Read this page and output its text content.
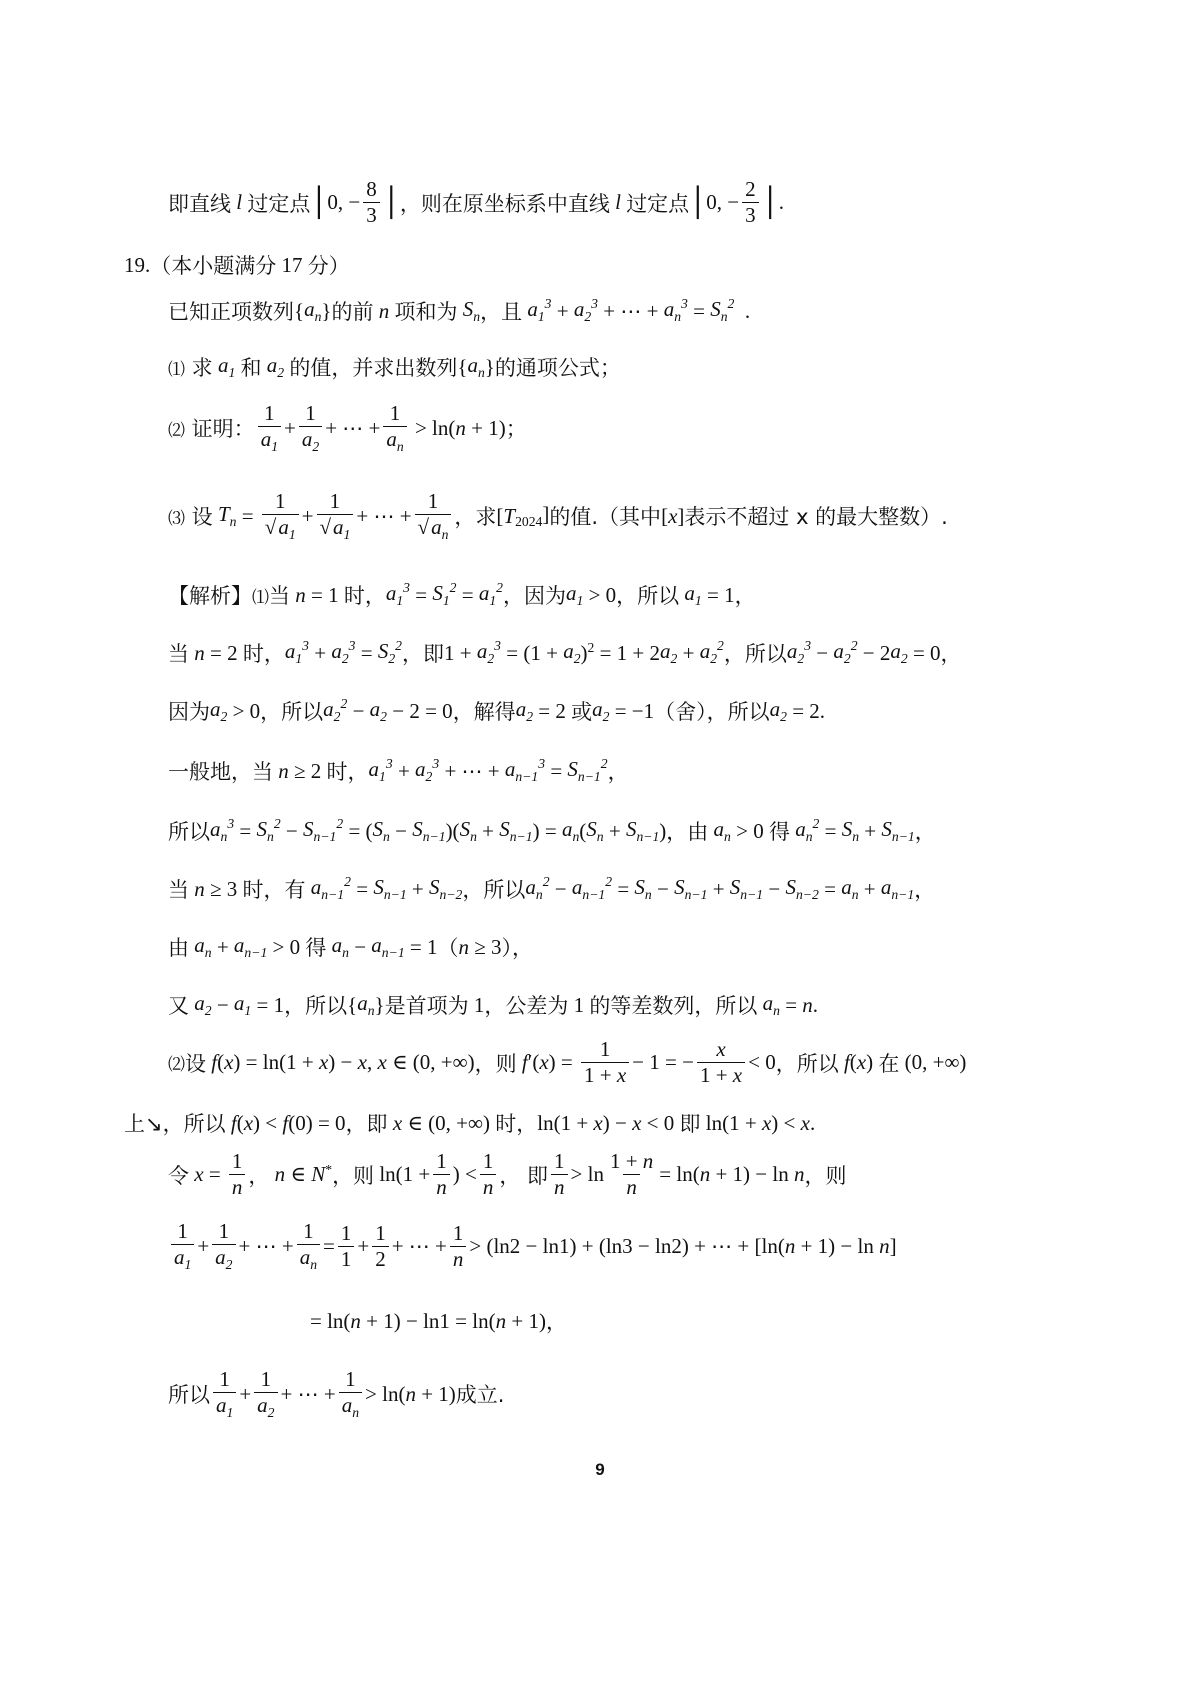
即直线 l 过定点 │ 0, − $\frac{8}{3}$ │ ，则在原坐标系中直线 l 过定点 │ 0, − $\frac{2}{3}$ │ .
19. （本小题满分 17 分）
已知正项数列 { $a_n$ } 的前 n 项和为 $S_n$ ，且 $a_1^3 + a_2^3$ + ⋯ + $a_n^3 = S_n^2$ .
⑴ 求 $a_1$ 和 $a_2$ 的值，并求出数列 { $a_n$ } 的通项公式；
⑵ 证明： $\frac{1}{a_1} + \frac{1}{a_2}$ + ⋯ + $\frac{1}{a_n} > \ln$( n + 1) ；
⑶ 设 $T_n = \frac{1}{√a_1} + \frac{1}{√a_1}$ + ⋯ + $\frac{1}{√a_n}$ ，求 [ T $_{2024}$] 的值.（其中 [ x ] 表示不超过 x 的最大整数）.
【解析】 ⑴ 当 n = 1 时， $a_1^3 = S_1^2 = a_1^2$ ，因为 $a_1 > 0$ ，所以 $a_1 = 1$ ，
当 n = 2 时， $a_1^3 + a_2^3 = S_2^2$ ，即 $1 + a_2^3 = (1 + a_2$ )$^2$ = 1 + 2 $a_2 + a_2^2$ ，所以 $a_2^3 - a_2^2 - 2$ $a_2 = 0$ ，
因为 $a_2 > 0$ ，所以 $a_2^2 - a_2 - 2 = 0$ ，解得 $a_2 = 2$ 或 $a_2 = -1$ （舍），所以 $a_2 = 2$.
一般地，当 n ≥ 2 时， $a_1^3 + a_2^3$ + ⋯ + $a_{n-1}^3 = S_{n-1}^2$ ，
所以 $a_n^3 = S_n^2 - S_{n-1}^2$ = ( $S_n - S_{n-1}$ )( $S_n + S_{n-1}$ ) = $a_n$ ( $S_n + S_{n-1}$ ) ，由 $a_n > 0$ 得 $a_n^2 = S_n + S_{n-1}$ ，
当 n ≥ 3 时，有 $a_{n-1}^2 = S_{n-1} + S_{n-2}$ ，所以 $a_n^2 - a_{n-1}^2 = S_n - S_{n-1} + S_{n-1} - S_{n-2} = a_n + a_{n-1}$ ，
由 $a_n + a_{n-1} > 0$ 得 $a_n - a_{n-1} = 1$ （ n ≥ 3 ），
又 $a_2 - a_1 = 1$ ，所以 { $a_n$ } 是首项为 1 ，公差为 1 的等差数列，所以 $a_n = n$ .
⑵ 设 f ( x ) = ln(1 + x ) − x , x ∈ (0, +∞) ，则 f ′( x ) = $\frac{1}{1 + x} - 1$ = − $\frac{x}{1 + x} < 0$ ，所以 f ( x ) 在 (0, +∞)
上↘，所以 f ( x ) < f (0) = 0 ，即 x ∈ (0, +∞) 时， ln(1 + x ) − x < 0 即 ln(1 + x ) < x .
令 $x = \frac{1}{n}$ ， n ∈ N * ，则 $\ln(1 + \frac{1}{n}$ ) < $\frac{1}{n}$ ， 即 $\frac{1}{n} > \ln \frac{1 + n}{n} = \ln$( n + 1) − ln n ，则
$\frac{1}{a_1} + \frac{1}{a_2}$ + ⋯ + $\frac{1}{a_n} = \frac{1}{1} + \frac{1}{2}$ + ⋯ + $\frac{1}{n} > (\ln 2 - \ln 1) + (\ln 3 - \ln 2)$ + ⋯ + [ln( n + 1) − ln n ]
= ln( n + 1) − ln1 = ln( n + 1) ，
所以 $\frac{1}{a_1} + \frac{1}{a_2}$ + ⋯ + $\frac{1}{a_n} > \ln$( n + 1) 成立.
9
